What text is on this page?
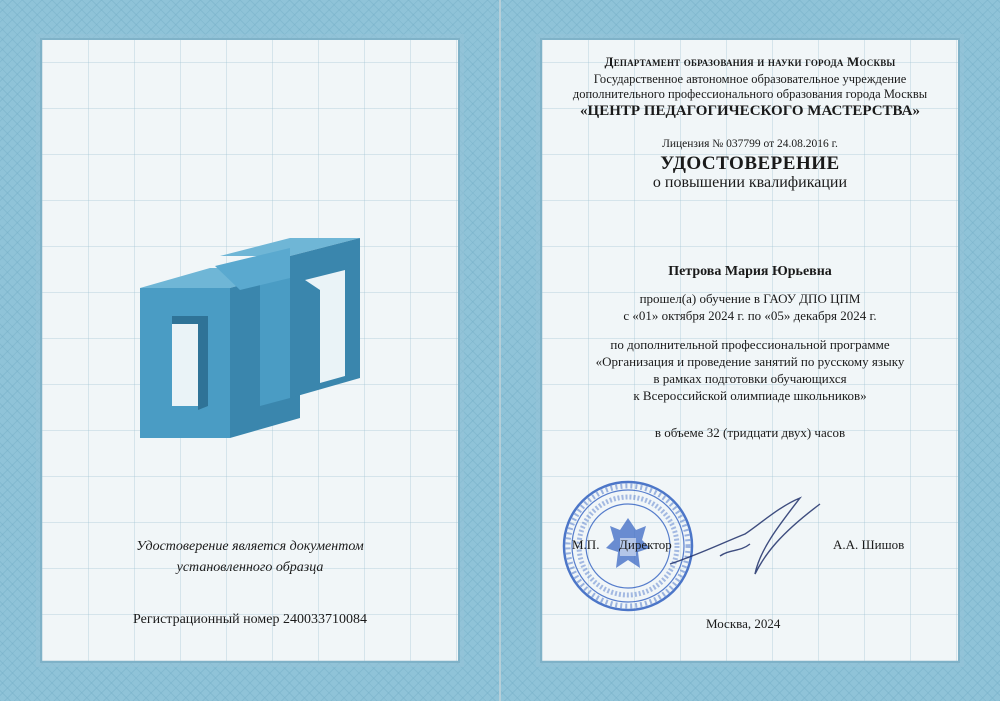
Удостоверение является документом
установленного образца
Регистрационный номер 240033710084
Департамент образования и науки города Москвы
Государственное автономное образовательное учреждение
дополнительного профессионального образования города Москвы
«ЦЕНТР ПЕДАГОГИЧЕСКОГО МАСТЕРСТВА»
Лицензия № 037799 от 24.08.2016 г.
УДОСТОВЕРЕНИЕ
о повышении квалификации
Петрова Мария Юрьевна
прошел(а) обучение в ГАОУ ДПО ЦПМ
с «01» октября 2024 г. по «05» декабря 2024 г.
по дополнительной профессиональной программе
«Организация и проведение занятий по русскому языку
в рамках подготовки обучающихся
к Всероссийской олимпиаде школьников»
в объеме 32 (тридцати двух) часов
М.П. Директор	А.А. Шишов
Москва, 2024
